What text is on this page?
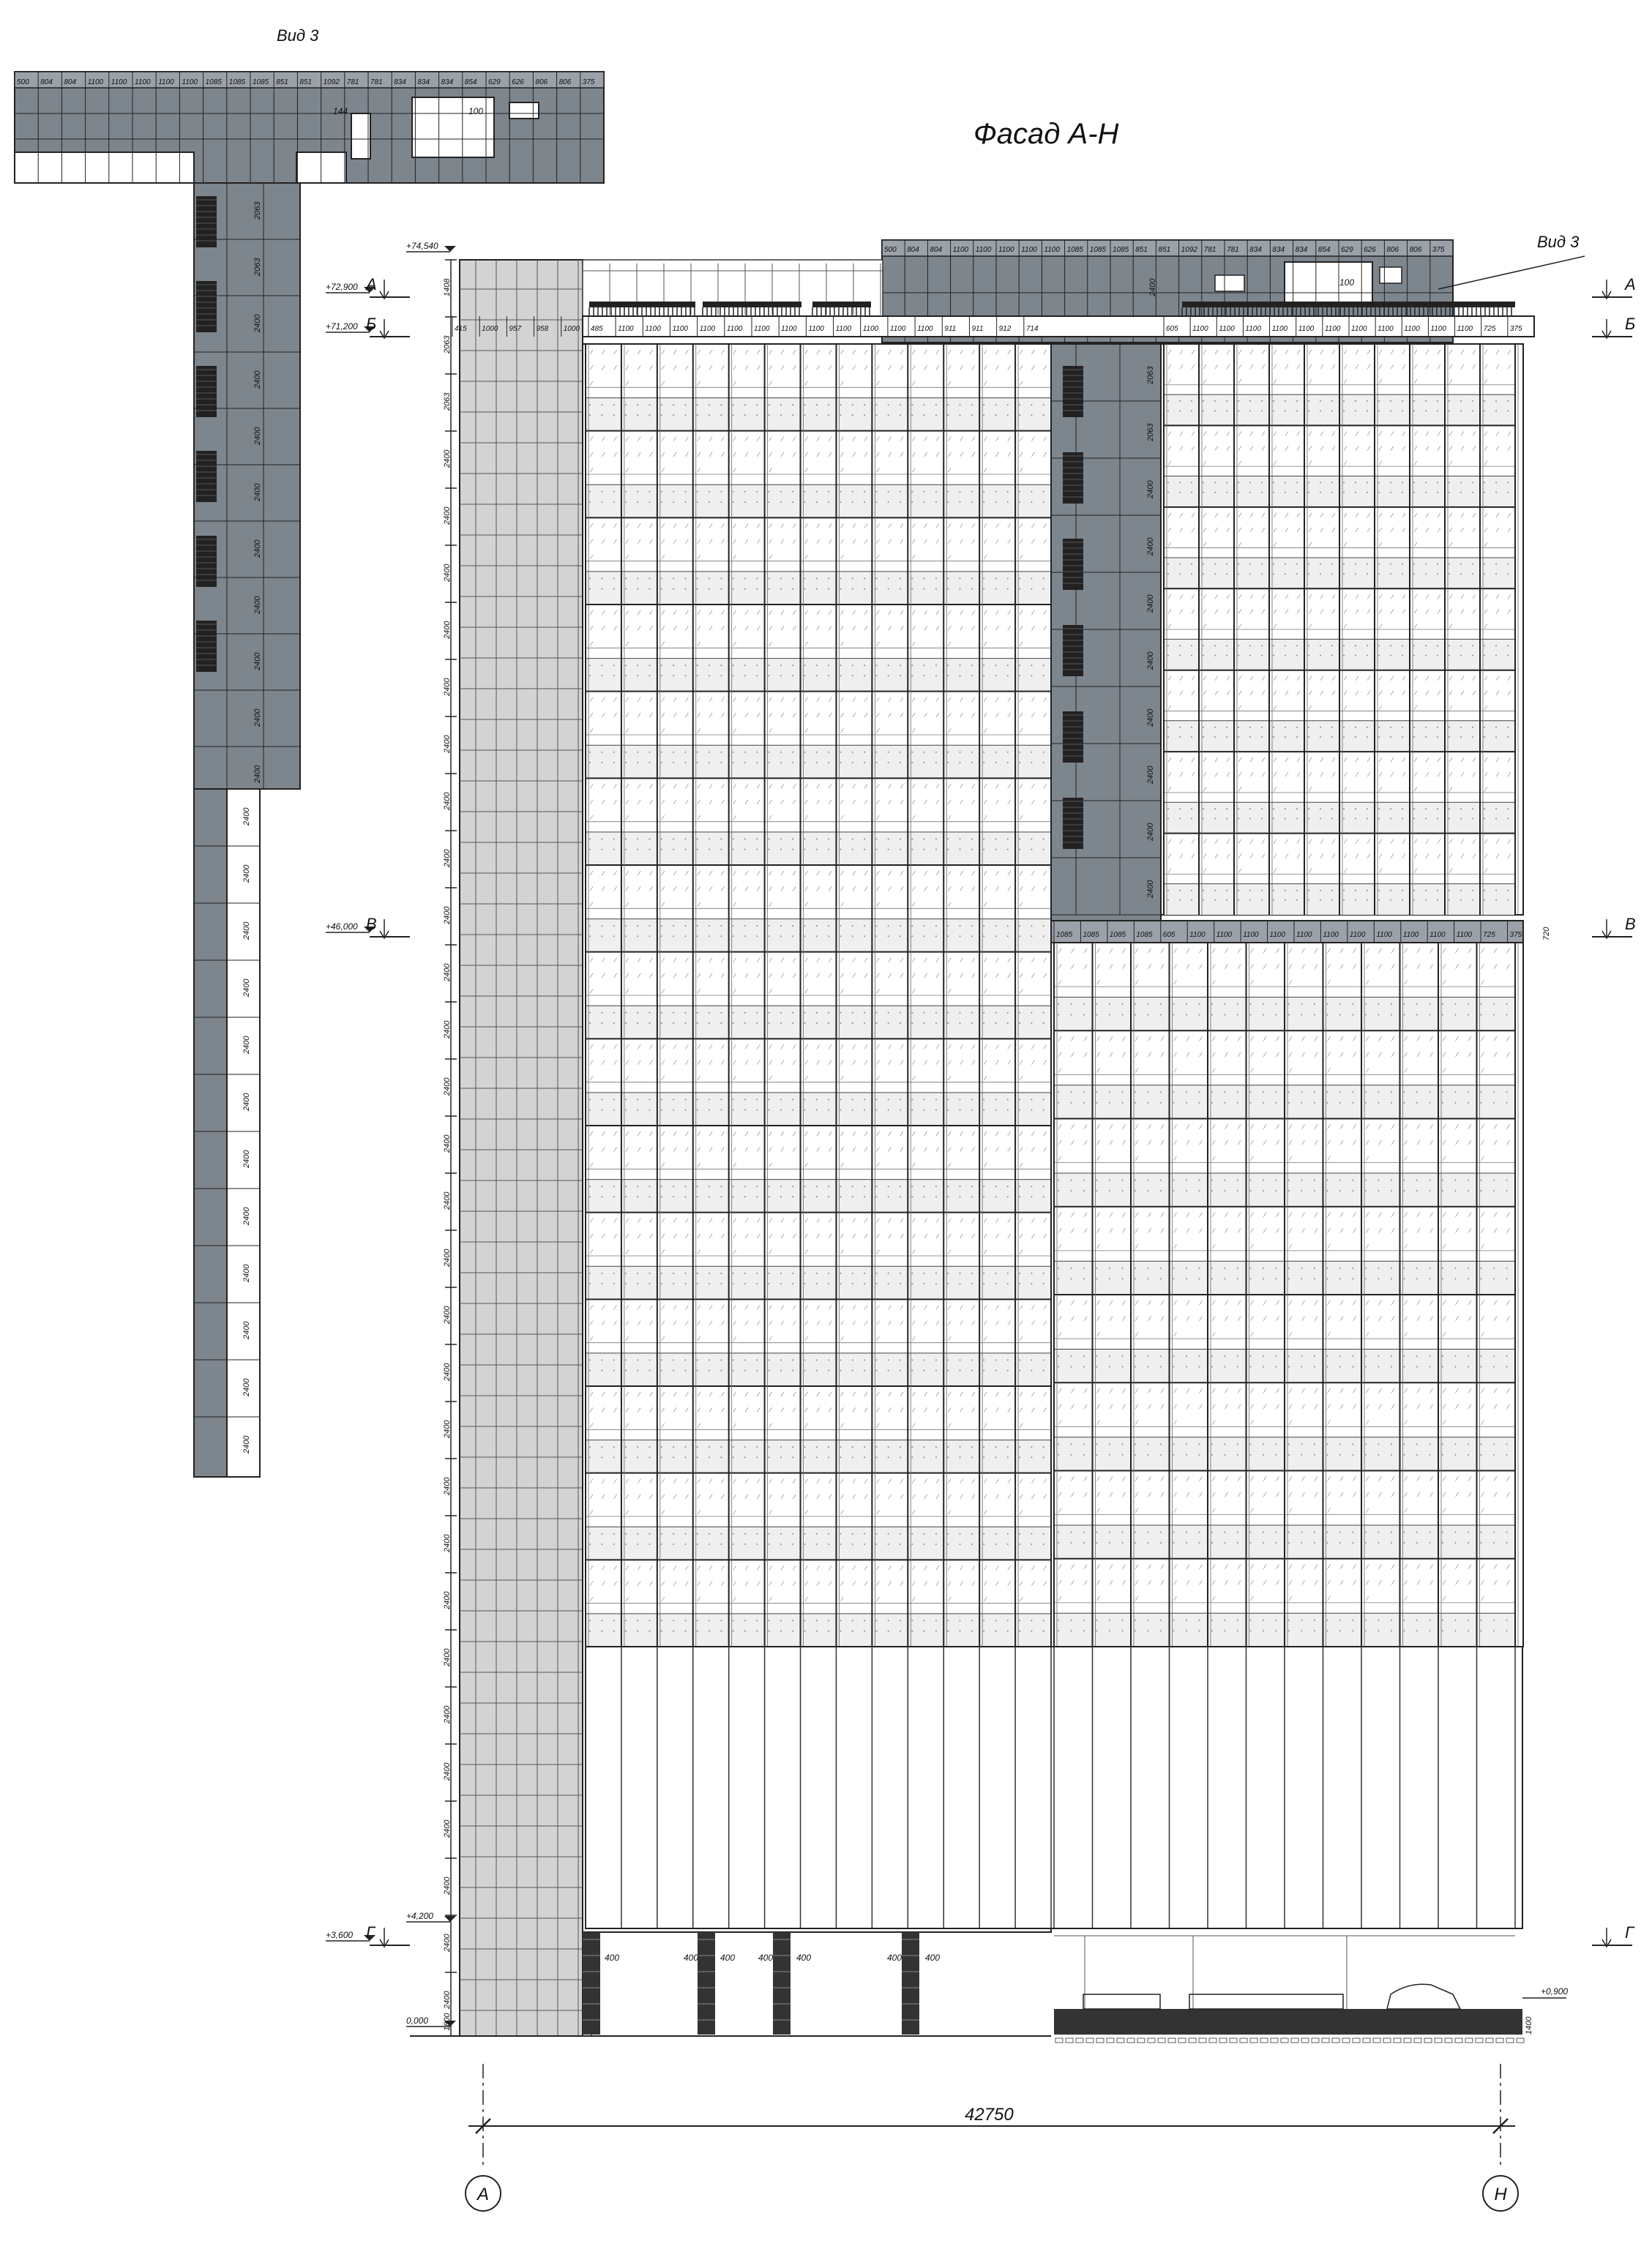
Фасад А-Н
Вид 3
Вид 3
500 804 804 1100 1100 1100 1100 1100 1085 1085 1085 851 851 1092 781 781 834 834 834 854 629 626 806 806 375
100
144
2063
2063
2400
2400
2400
2400
2400
2400
2400
2400
2400
2400
2400
2400
2400
2400
2400
2400
2400
2400
2400
2400
2400
500 804 804 1100 1100 1100 1100 1100 1085 1085 1085 851 851 1092 781 781 834 834 834 854 629 626 806 806 375
2400	100
415 1000 957 958 1000 485 1100 1100 1100 1100 1100 1100 1100 1100 1100 1100 1100 1100 911 911 912 714	605 1100 1100 1100 1100 1100 1100 1100 1100 1100 1100 1100 725 375
2063
2063
2400
2400
2400
2400
2400
2400
2400
2400
1085 1085 1085 1085 605 1100 1100 1100 1100 1100 1100 1100 1100 1100 1100 1100 725 375	720
400	400 400	400	400	400	400
+74,540
+72,900
+71,200
+46,000
+4,200
+3,600
0,000
+0,900
1408
2063
2063
2400
2400
2400
2400
2400
2400
2400
2400
2400
2400
2400
2400
2400
2400
2400
2400
2400
2400
2400
2400
2400
2400
2400
2400
2400
2400
2400
2400
1800	1400
А	А
Б	Б
В	В
Г	Г
42750
А	Н
